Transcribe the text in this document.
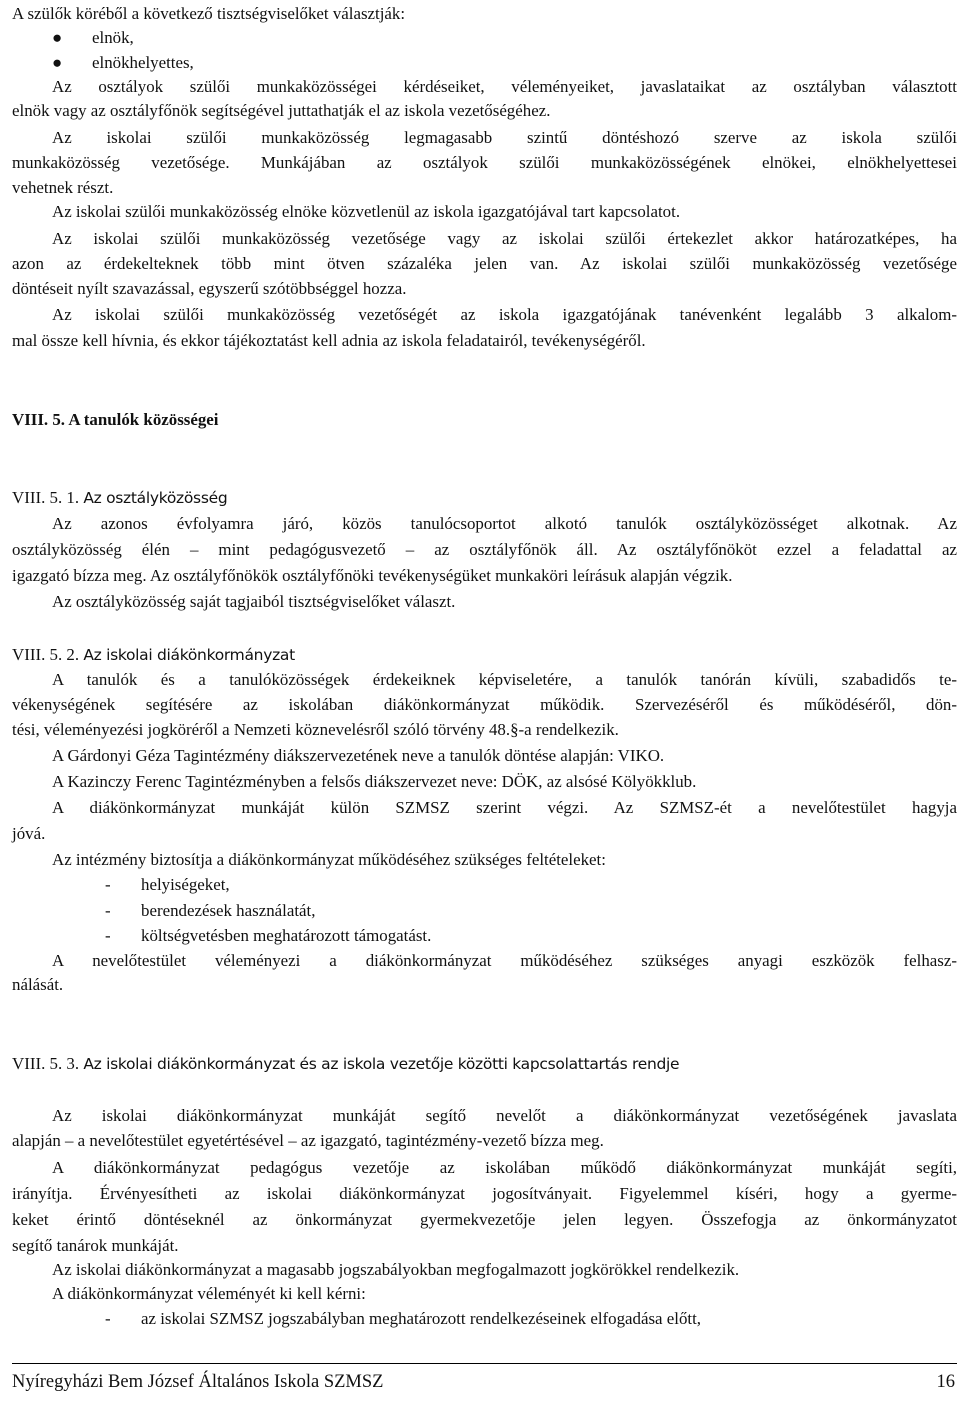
A szülők köréből a következő tisztségviselőket választják:
● elnök,
● elnökhelyettes,
Az osztályok szülői munkaközösségei kérdéseiket, véleményeiket, javaslataikat az osztályban választott
elnök vagy az osztályfőnök segítségével juttathatják el az iskola vezetőségéhez.
Az iskolai szülői munkaközösség legmagasabb szintű döntéshozó szerve az iskola szülői
munkaközösség vezetősége. Munkájában az osztályok szülői munkaközösségének elnökei, elnökhelyettesei
vehetnek részt.
Az iskolai szülői munkaközösség elnöke közvetlenül az iskola igazgatójával tart kapcsolatot.
Az iskolai szülői munkaközösség vezetősége vagy az iskolai szülői értekezlet akkor határozatképes, ha
azon az érdekelteknek több mint ötven százaléka jelen van. Az iskolai szülői munkaközösség vezetősége
döntéseit nyílt szavazással, egyszerű szótöbbséggel hozza.
Az iskolai szülői munkaközösség vezetőségét az iskola igazgatójának tanévenként legalább 3 alkalom-
mal össze kell hívnia, és ekkor tájékoztatást kell adnia az iskola feladatairól, tevékenységéről.
VIII. 5. A tanulók közösségei
VIII. 5. 1. Az osztályközösség
Az azonos évfolyamra járó, közös tanulócsoportot alkotó tanulók osztályközösséget alkotnak. Az
osztályközösség élén – mint pedagógusvezető – az osztályfőnök áll. Az osztályfőnököt ezzel a feladattal az
igazgató bízza meg. Az osztályfőnökök osztályfőnöki tevékenységüket munkaköri leírásuk alapján végzik.
Az osztályközösség saját tagjaiból tisztségviselőket választ.
VIII. 5. 2. Az iskolai diákönkormányzat
A tanulók és a tanulóközösségek érdekeiknek képviseletére, a tanulók tanórán kívüli, szabadidős te-
vékenységének segítésére az iskolában diákönkormányzat működik. Szervezéséről és működéséről, dön-
tési, véleményezési jogköréről a Nemzeti köznevelésről szóló törvény 48.§-a rendelkezik.
A Gárdonyi Géza Tagintézmény diákszervezetének neve a tanulók döntése alapján: VIKO.
A Kazinczy Ferenc Tagintézményben a felsős diákszervezet neve: DÖK, az alsósé Kölyökklub.
A diákönkormányzat munkáját külön SZMSZ szerint végzi. Az SZMSZ-ét a nevelőtestület hagyja
jóvá.
Az intézmény biztosítja a diákönkormányzat működéséhez szükséges feltételeket:
- helyiségeket,
- berendezések használatát,
- költségvetésben meghatározott támogatást.
A nevelőtestület véleményezi a diákönkormányzat működéséhez szükséges anyagi eszközök felhasz-
nálását.
VIII. 5. 3. Az iskolai diákönkormányzat és az iskola vezetője közötti kapcsolattartás rendje
Az iskolai diákönkormányzat munkáját segítő nevelőt a diákönkormányzat vezetőségének javaslata
alapján – a nevelőtestület egyetértésével – az igazgató, tagintézmény-vezető bízza meg.
A diákönkormányzat pedagógus vezetője az iskolában működő diákönkormányzat munkáját segíti,
irányítja. Érvényesítheti az iskolai diákönkormányzat jogosítványait. Figyelemmel kíséri, hogy a gyerme-
keket érintő döntéseknél az önkormányzat gyermekvezetője jelen legyen. Összefogja az önkormányzatot
segítő tanárok munkáját.
Az iskolai diákönkormányzat a magasabb jogszabályokban megfogalmazott jogkörökkel rendelkezik.
A diákönkormányzat véleményét ki kell kérni:
- az iskolai SZMSZ jogszabályban meghatározott rendelkezéseinek elfogadása előtt,
Nyíregyházi Bem József Általános Iskola SZMSZ	16
